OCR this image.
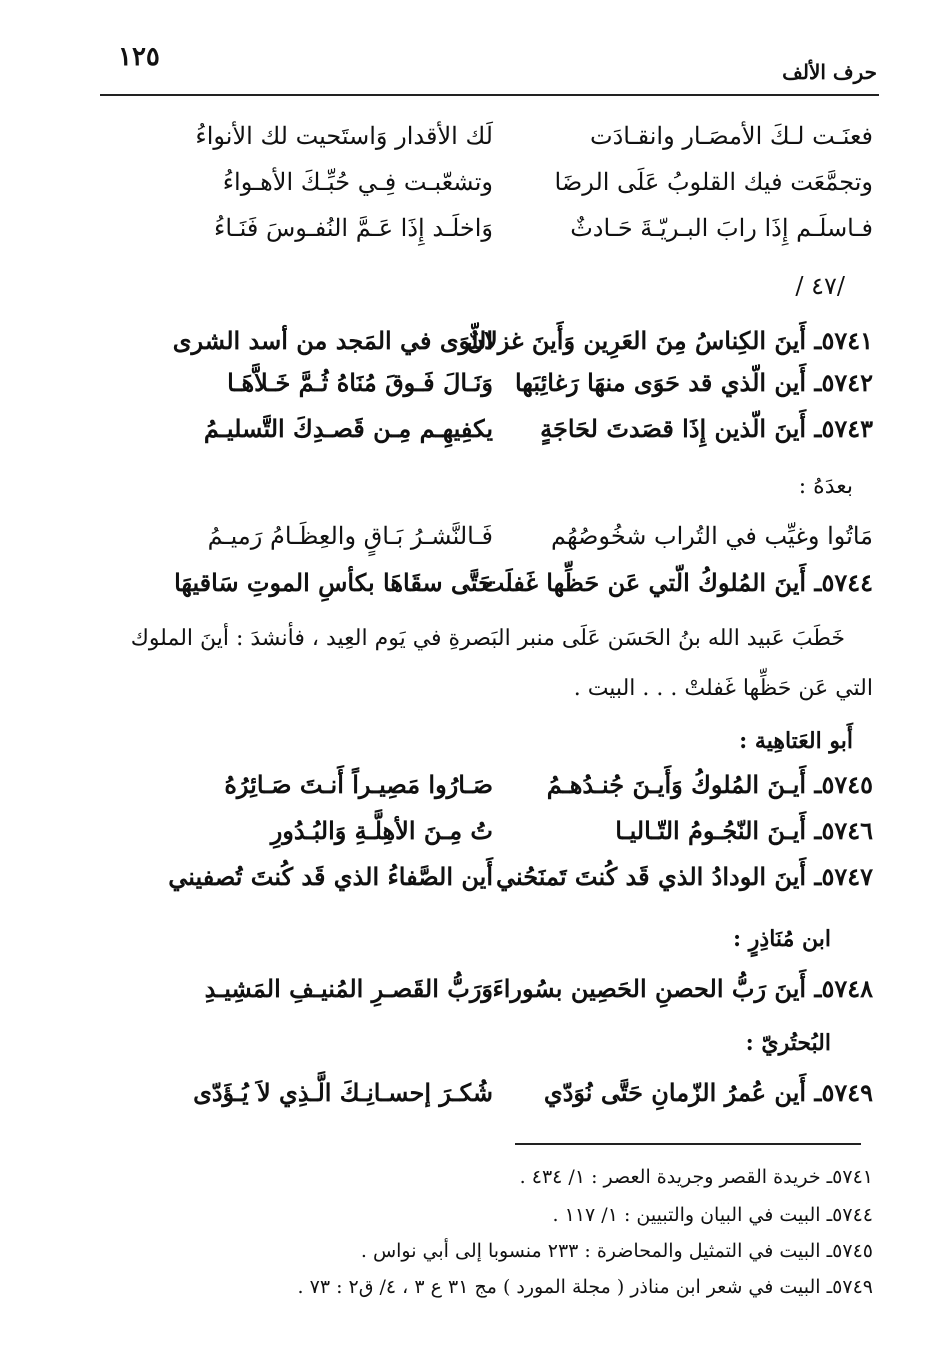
١٢٥	حرف الألف
فعنَـت لـكَ الأمصَـار وانقـادَت
لَك الأقدار وَاستَحيت لك الأنواءُ
وتجمَّعَت فيك القلوبُ عَلَى الرضَا
وتشعّبـت فِـي حُبِّـكَ الأهـواءُ
فـاسلَـم إِذَا رابَ البـريّـةَ حَـادثٌ
وَاخلَـد إِذَا عَـمَّ النُفـوسَ فَنَـاءُ
/٤٧ /
٥٧٤١ـ أَينَ الكِناسُ مِنَ العَرِين وَأَينَ غزلانٌ
اللّوَى في المَجد من أسد الشرى
٥٧٤٢ـ أَين الّذي قد حَوَى منهَا رَغائِبَها
وَنَـالَ فَـوقَ مُنَاهُ ثُـمَّ خَـلاَّهَـا
٥٧٤٣ـ أَينَ الّذين إِذَا قصَدتَ لحَاجَةٍ
يكفِيهِـم مِـن قَصـدِكَ التَّسليـمُ
بعدَهُ :
مَاتُوا وغيِّب في التُراب شخُوصُهُم
فَـالنَّشـرُ بَـاقٍ والعِظَـامُ رَميـمُ
٥٧٤٤ـ أَينَ المُلوكُ الّتي عَن حَظِّها غَفلَت
حَتَّى سقَاهَا بكأسِ الموتِ سَاقيهَا
خَطَبَ عَبيد الله بنُ الحَسَن عَلَى منبر البَصرةِ في يَوم العِيد ، فأنشدَ : أينَ الملوك
التي عَن حَظِّها غَفلتْ . . . البيت .
أَبو العَتاهِية :
٥٧٤٥ـ أَيـنَ المُلوكُ وَأَيـنَ جُنـدُهـمُ
صَـارُوا مَصِيـراً أَنـتَ صَـائِرُهُ
٥٧٤٦ـ أَيـنَ النّجُـومُ التّـاليـا
تُ مِـنَ الأهِلَّـةِ وَالبُـدُورِ
٥٧٤٧ـ أَينَ الودادُ الذي قَد كُنتَ تَمنَحُني
أَين الصَّفاءُ الذي قَد كُنتَ تُصفيني
ابن مُنَاذِرٍ :
٥٧٤٨ـ أَينَ رَبُّ الحصنِ الحَصِين بسُوراءَ
وَرَبُّ القَصـرِ المُنيـفِ المَشِيـدِ
البُحتُريّ :
٥٧٤٩ـ أَين عُمرُ الزّمانِ حَتَّى نُوَدّي
شُكـرَ إحسـانِـكَ الَّـذِي لاَ يُـؤَدّى
٥٧٤١ـ خريدة القصر وجريدة العصر : ١/ ٤٣٤ .
٥٧٤٤ـ البيت في البيان والتبيين : ١/ ١١٧ .
٥٧٤٥ـ البيت في التمثيل والمحاضرة : ٢٣٣ منسوبا إلى أبي نواس .
٥٧٤٩ـ البيت في شعر ابن مناذر ( مجلة المورد ) مج ٣١ ع ٣ ، ٤/ ق٢ : ٧٣ .
